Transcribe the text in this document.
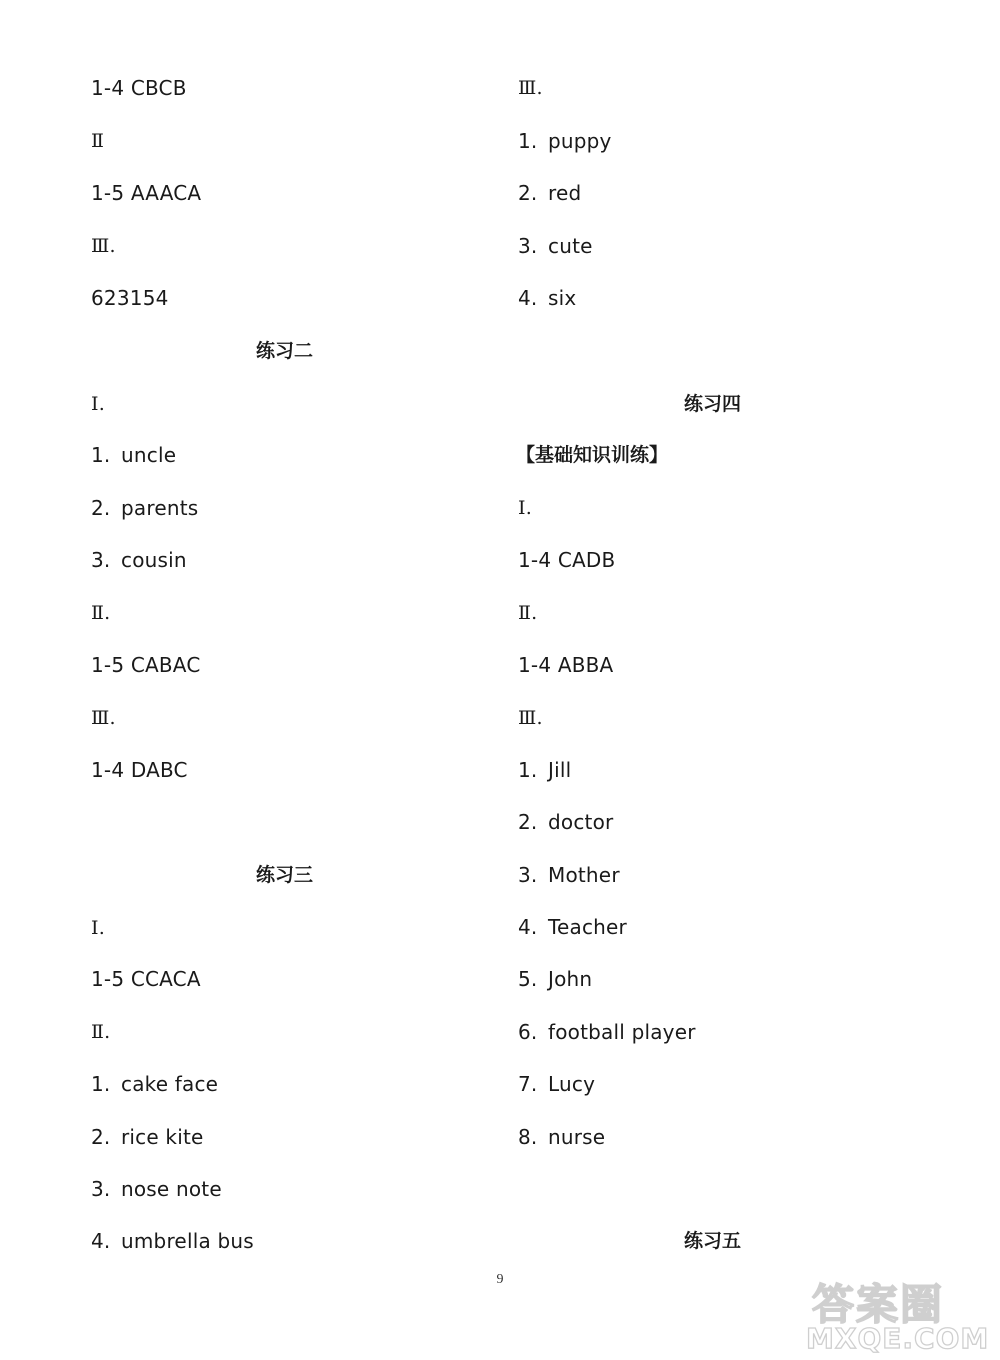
1-4 CBCB
Ⅱ
1-5 AAACA
Ⅲ.
623154
练习二
Ⅰ.
1. uncle
2. parents
3. cousin
Ⅱ.
1-5 CABAC
Ⅲ.
1-4 DABC
练习三
Ⅰ.
1-5 CCACA
Ⅱ.
1. cake face
2. rice kite
3. nose note
4. umbrella bus
Ⅲ.
1. puppy
2. red
3. cute
4. six
练习四
【基础知识训练】
Ⅰ.
1-4 CADB
Ⅱ.
1-4 ABBA
Ⅲ.
1. Jill
2. doctor
3. Mother
4. Teacher
5. John
6. football player
7. Lucy
8. nurse
练习五
9
答案圈
MXQE.COM
